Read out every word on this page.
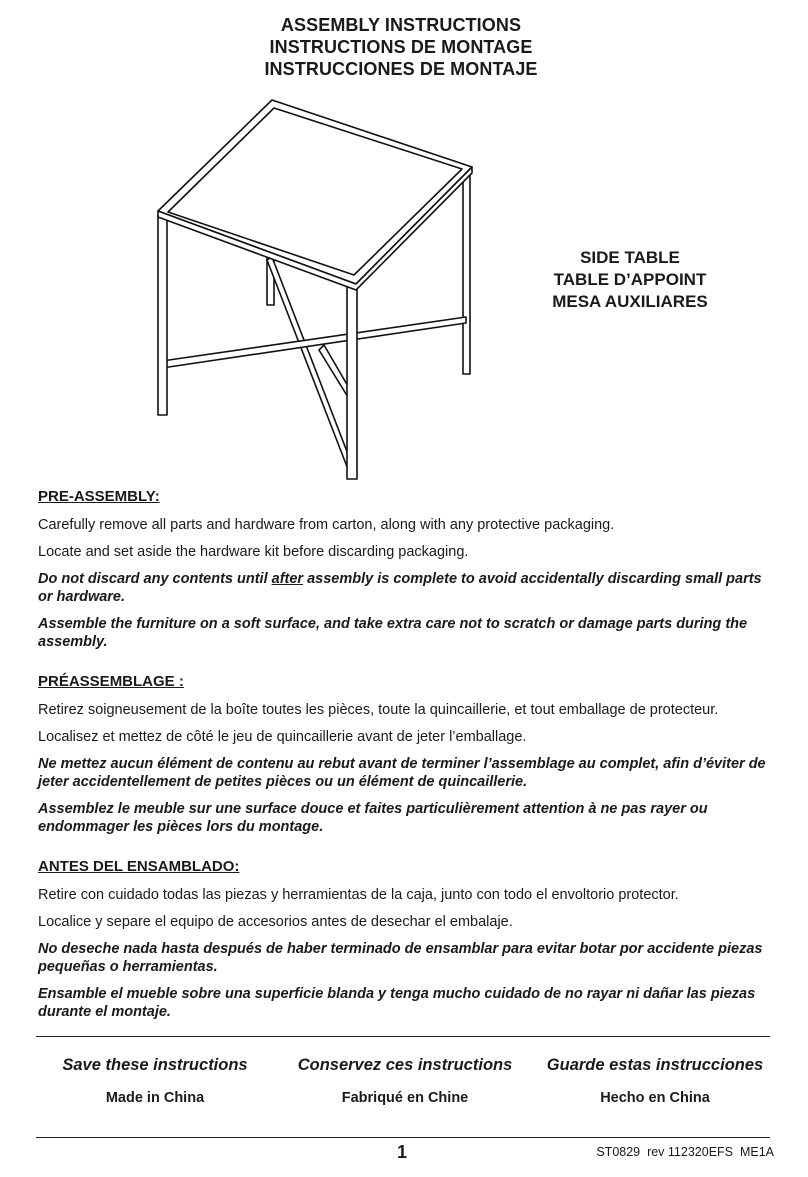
ASSEMBLY INSTRUCTIONS
INSTRUCTIONS DE MONTAGE
INSTRUCCIONES DE MONTAJE
SIDE TABLE
TABLE D’APPOINT
MESA AUXILIARES
PRE-ASSEMBLY:

Carefully remove all parts and hardware from carton, along with any protective packaging.

Locate and set aside the hardware kit before discarding packaging.

Do not discard any contents until after assembly is complete to avoid accidentally discarding small parts or hardware.

Assemble the furniture on a soft surface, and take extra care not to scratch or damage parts during the assembly.

PRÉASSEMBLAGE :

Retirez soigneusement de la boîte toutes les pièces, toute la quincaillerie, et tout emballage de protecteur.

Localisez et mettez de côté le jeu de quincaillerie avant de jeter l’emballage.

Ne mettez aucun élément de contenu au rebut avant de terminer l’assemblage au complet, afin d’éviter de jeter accidentellement de petites pièces ou un élément de quincaillerie.

Assemblez le meuble sur une surface douce et faites particulièrement attention à ne pas rayer ou endommager les pièces lors du montage.

ANTES DEL ENSAMBLADO:

Retire con cuidado todas las piezas y herramientas de la caja, junto con todo el envoltorio protector.

Localice y separe el equipo de accesorios antes de desechar el embalaje.

No deseche nada hasta después de haber terminado de ensamblar para evitar botar por accidente piezas pequeñas o herramientas.

Ensamble el mueble sobre una superficie blanda y tenga mucho cuidado de no rayar ni dañar las piezas durante el montaje.

Save these instructions

Made in China

Conservez ces instructions

Fabriqué en Chine

Guarde estas instrucciones

Hecho en China

1	ST0829  rev 112320EFS  ME1A
